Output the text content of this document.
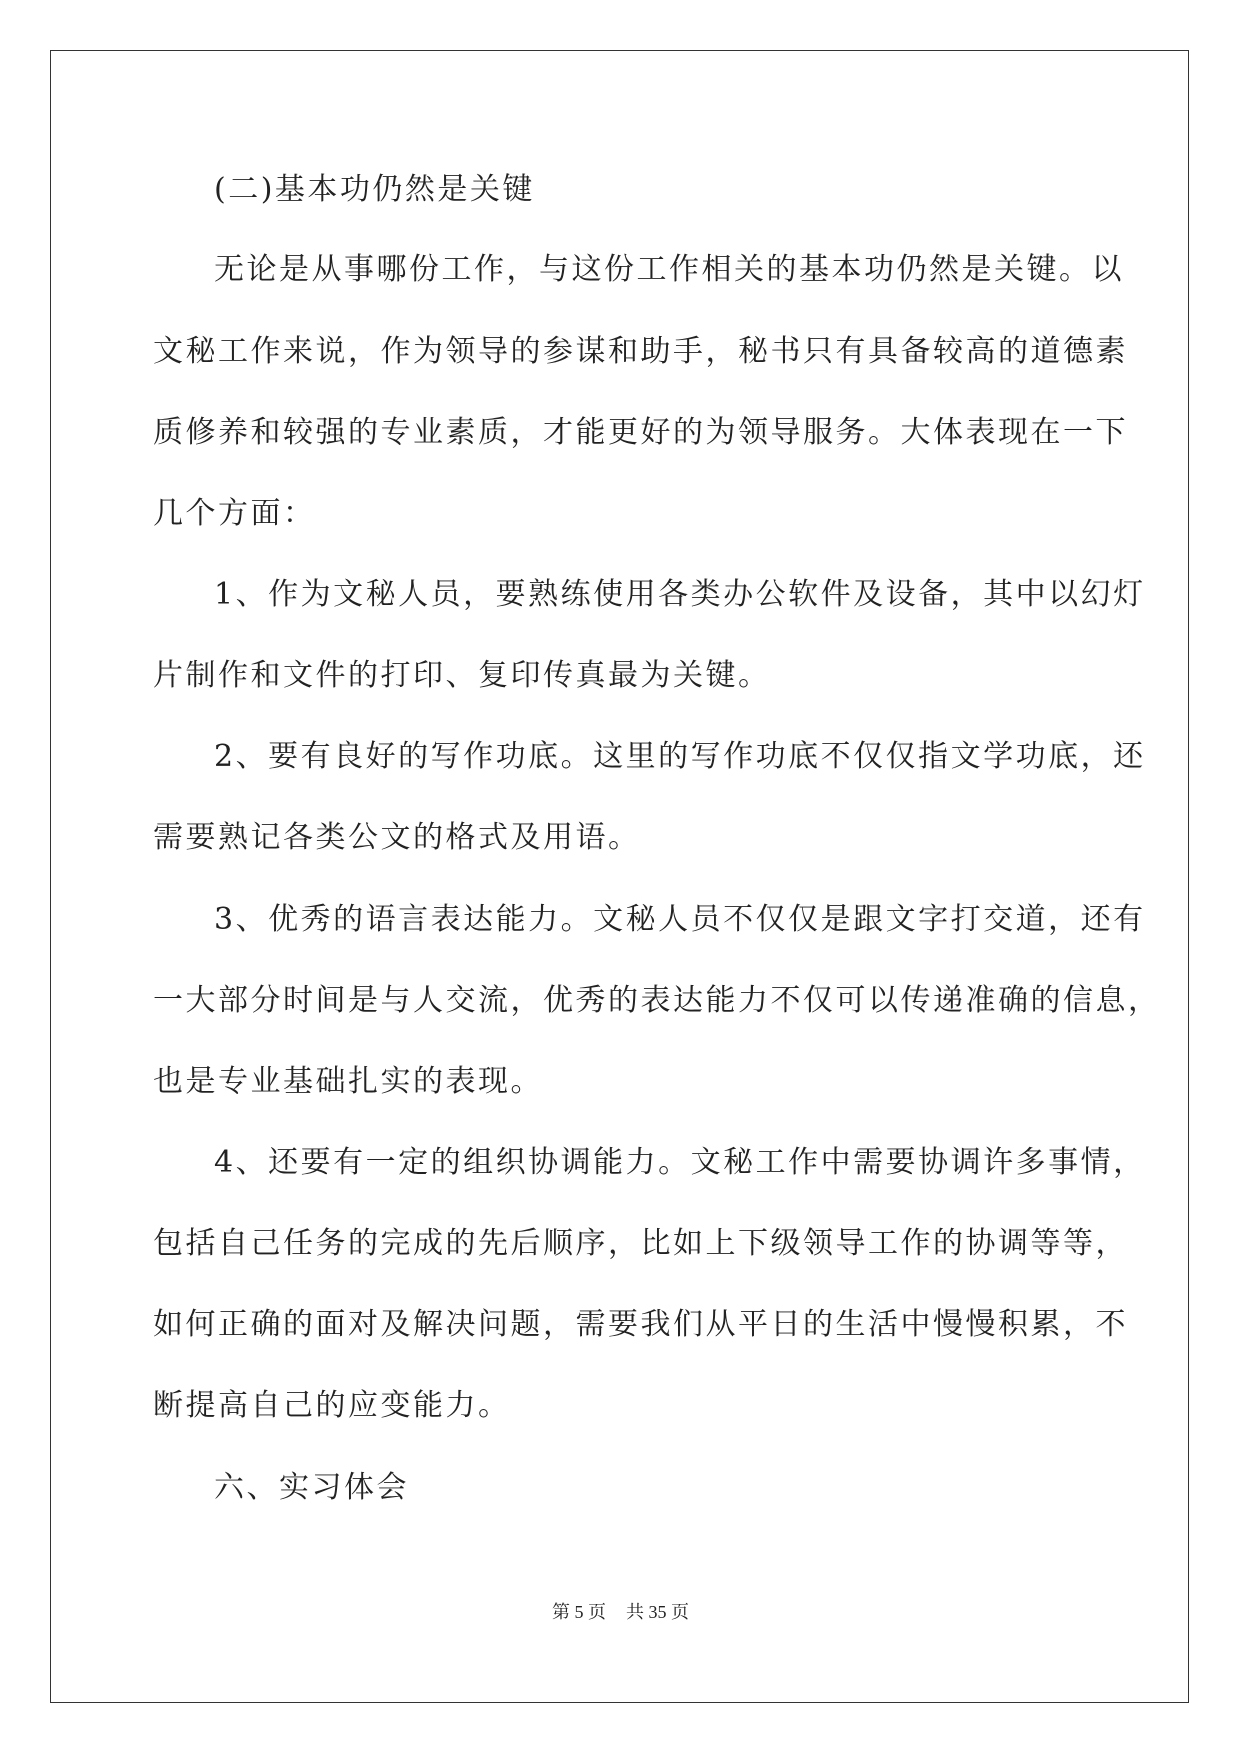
(二)基本功仍然是关键
无论是从事哪份工作，与这份工作相关的基本功仍然是关键。以
文秘工作来说，作为领导的参谋和助手，秘书只有具备较高的道德素
质修养和较强的专业素质，才能更好的为领导服务。大体表现在一下
几个方面：
1、作为文秘人员，要熟练使用各类办公软件及设备，其中以幻灯
片制作和文件的打印、复印传真最为关键。
2、要有良好的写作功底。这里的写作功底不仅仅指文学功底，还
需要熟记各类公文的格式及用语。
3、优秀的语言表达能力。文秘人员不仅仅是跟文字打交道，还有
一大部分时间是与人交流，优秀的表达能力不仅可以传递准确的信息，
也是专业基础扎实的表现。
4、还要有一定的组织协调能力。文秘工作中需要协调许多事情，
包括自己任务的完成的先后顺序，比如上下级领导工作的协调等等，
如何正确的面对及解决问题，需要我们从平日的生活中慢慢积累，不
断提高自己的应变能力。
六、实习体会
第 5 页 共 35 页
